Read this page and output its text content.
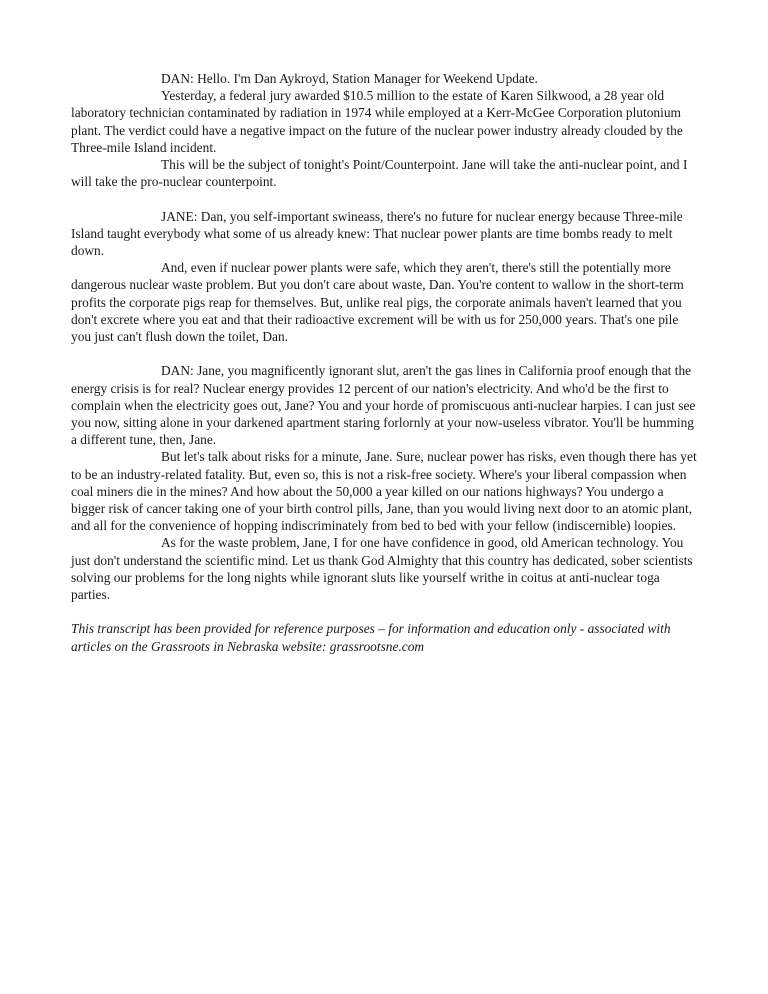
DAN: Hello. I'm Dan Aykroyd, Station Manager for Weekend Update.

Yesterday, a federal jury awarded $10.5 million to the estate of Karen Silkwood, a 28 year old laboratory technician contaminated by radiation in 1974 while employed at a Kerr-McGee Corporation plutonium plant. The verdict could have a negative impact on the future of the nuclear power industry already clouded by the Three-mile Island incident.

This will be the subject of tonight's Point/Counterpoint. Jane will take the anti-nuclear point, and I will take the pro-nuclear counterpoint.

JANE: Dan, you self-important swineass, there's no future for nuclear energy because Three-mile Island taught everybody what some of us already knew: That nuclear power plants are time bombs ready to melt down.

And, even if nuclear power plants were safe, which they aren't, there's still the potentially more dangerous nuclear waste problem. But you don't care about waste, Dan. You're content to wallow in the short-term profits the corporate pigs reap for themselves. But, unlike real pigs, the corporate animals haven't learned that you don't excrete where you eat and that their radioactive excrement will be with us for 250,000 years. That's one pile you just can't flush down the toilet, Dan.

DAN: Jane, you magnificently ignorant slut, aren't the gas lines in California proof enough that the energy crisis is for real? Nuclear energy provides 12 percent of our nation's electricity. And who'd be the first to complain when the electricity goes out, Jane? You and your horde of promiscuous anti-nuclear harpies. I can just see you now, sitting alone in your darkened apartment staring forlornly at your now-useless vibrator. You'll be humming a different tune, then, Jane.

But let's talk about risks for a minute, Jane. Sure, nuclear power has risks, even though there has yet to be an industry-related fatality. But, even so, this is not a risk-free society. Where's your liberal compassion when coal miners die in the mines? And how about the 50,000 a year killed on our nations highways? You undergo a bigger risk of cancer taking one of your birth control pills, Jane, than you would living next door to an atomic plant, and all for the convenience of hopping indiscriminately from bed to bed with your fellow (indiscernible) loopies.

As for the waste problem, Jane, I for one have confidence in good, old American technology. You just don't understand the scientific mind. Let us thank God Almighty that this country has dedicated, sober scientists solving our problems for the long nights while ignorant sluts like yourself writhe in coitus at anti-nuclear toga parties.

This transcript has been provided for reference purposes – for information and education only - associated with articles on the Grassroots in Nebraska website: grassrootsne.com
